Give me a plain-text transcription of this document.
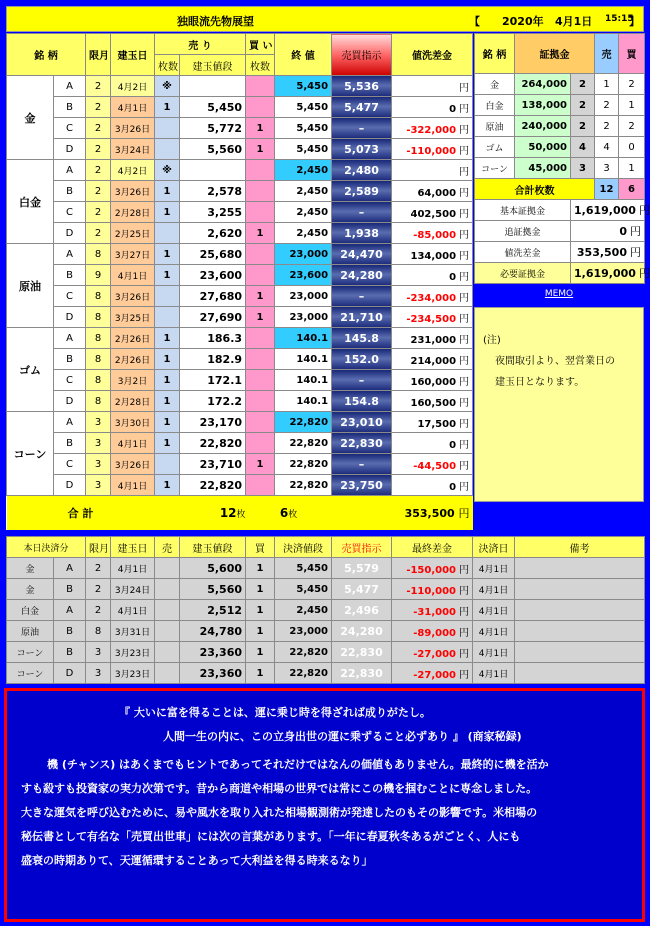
独眼流先物展望	【 2020年 4月1日 15:15
】
銘 柄		限月	建玉日	売 り		買 い	終 値	売買指示	値洗差金
				枚数	建玉値段	枚数			
金	A	2	4月2日	※			5,450	5,536	円
	B	2	4月1日	1	5,450		5,450	5,477	0 円
	C	2	3月26日		5,772	1	5,450	–	-322,000 円
	D	2	3月24日		5,560	1	5,450	5,073	-110,000 円
白金	A	2	4月2日	※			2,450	2,480	円
	B	2	3月26日	1	2,578		2,450	2,589	64,000 円
	C	2	2月28日	1	3,255		2,450	–	402,500 円
	D	2	2月25日		2,620	1	2,450	1,938	-85,000 円
原油	A	8	3月27日	1	25,680		23,000	24,470	134,000 円
	B	9	4月1日	1	23,600		23,600	24,280	0 円
	C	8	3月26日		27,680	1	23,000	–	-234,000 円
	D	8	3月25日		27,690	1	23,000	21,710	-234,500 円
ゴム	A	8	2月26日	1	186.3		140.1	145.8	231,000 円
	B	8	2月26日	1	182.9		140.1	152.0	214,000 円
	C	8	3月2日	1	172.1		140.1	–	160,000 円
	D	8	2月28日	1	172.2		140.1	154.8	160,500 円
コーン	A	3	3月30日	1	23,170		22,820	23,010	17,500 円
	B	3	4月1日	1	22,820		22,820	22,830	0 円
	C	3	3月26日		23,710	1	22,820	–	-44,500 円
	D	3	4月1日	1	22,820		22,820	23,750	0 円
合 計				12枚		6枚		353,500 円	
銘 柄	証拠金		売	買
金	264,000	2	1	2
白金	138,000	2	2	1
原油	240,000	2	2	2
ゴム	50,000	4	4	0
コーン	45,000	3	3	1
合計枚数			12	6
基本証拠金		1,619,000 円		
追証拠金		0 円		
値洗差金		353,500 円		
必要証拠金		1,619,000 円		
MEMO
(注)
夜間取引より、翌営業日の
建玉日となります。
本日決済分		限月	建玉日	売	建玉値段	買	決済値段	売買指示	最終差金	決済日	備考
金	A	2	4月1日		5,600	1	5,450	5,579	-150,000 円	4月1日	
金	B	2	3月24日		5,560	1	5,450	5,477	-110,000 円	4月1日	
白金	A	2	4月1日		2,512	1	2,450	2,496	-31,000 円	4月1日	
原油	B	8	3月31日		24,780	1	23,000	24,280	-89,000 円	4月1日	
コーン	B	3	3月23日		23,360	1	22,820	22,830	-27,000 円	4月1日	
コーン	D	3	3月23日		23,360	1	22,820	22,830	-27,000 円	4月1日	

『 大いに富を得ることは、運に乗じ時を得ざれば成りがたし。

人間一生の内に、この立身出世の運に乗ずること必ずあり 』 (商家秘録)

機 (チャンス) はあくまでもヒントであってそれだけではなんの価値もありません。最終的に機を活か

すも殺すも投資家の実力次第です。昔から商道や相場の世界では常にこの機を掴むことに専念しました。

大きな運気を呼び込むために、易や風水を取り入れた相場観測術が発達したのもその影響です。米相場の

秘伝書として有名な「売買出世車」には次の言葉があります。「一年に春夏秋冬あるがごとく、人にも

盛衰の時期ありて、天運循環することあって大利益を得る時来るなり」
